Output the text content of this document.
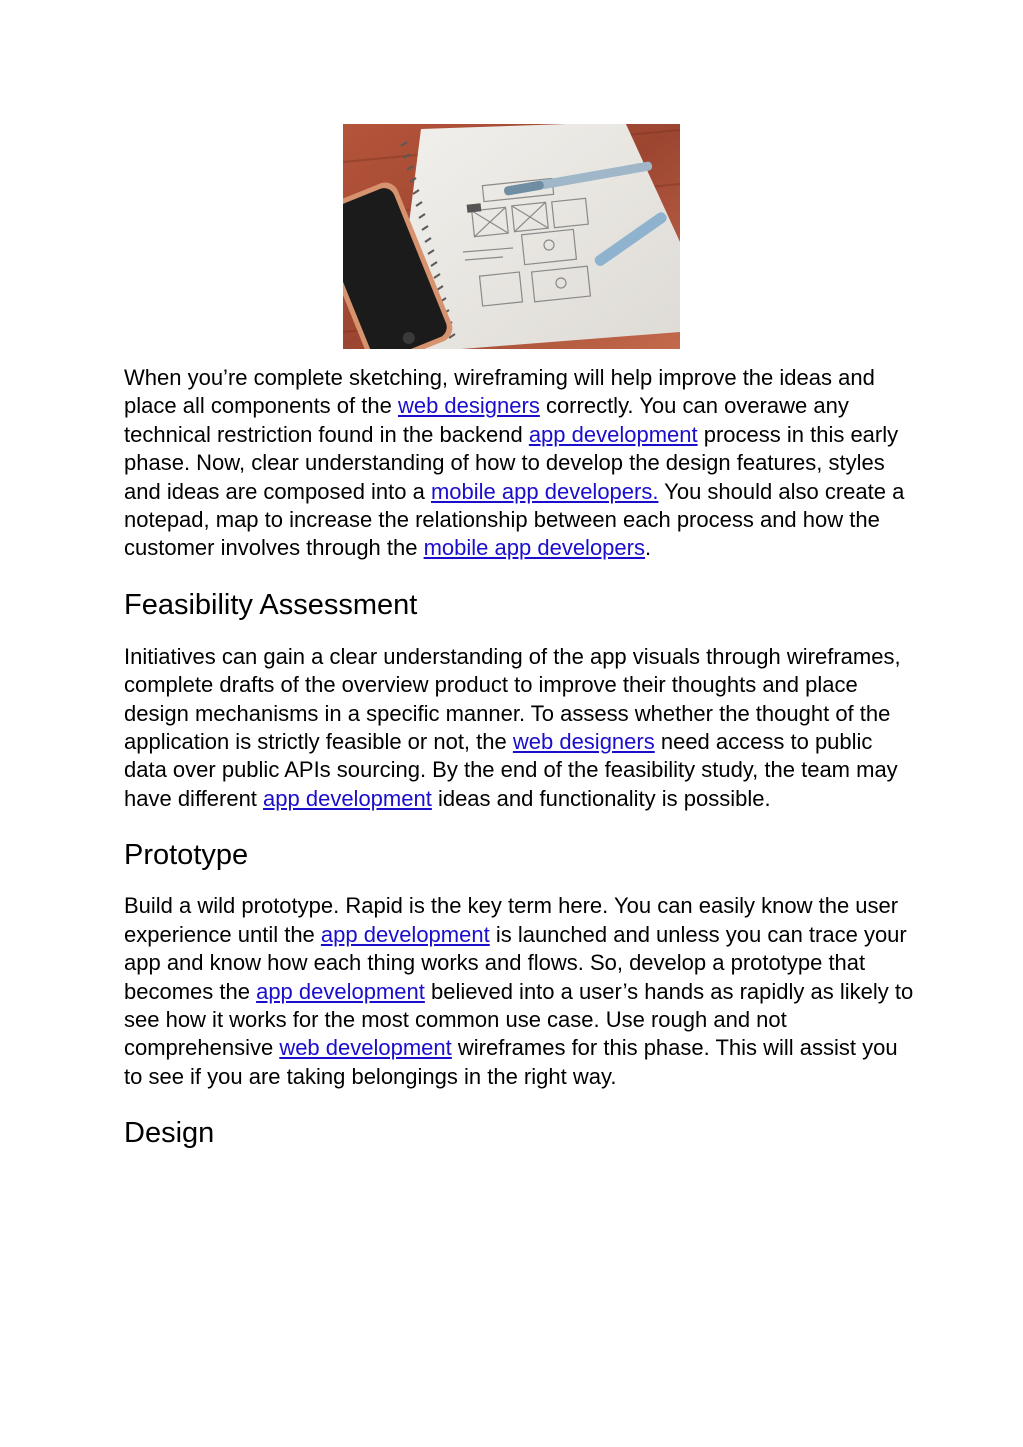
When you’re complete sketching, wireframing will help improve the ideas and place all components of the web designers correctly. You can overawe any technical restriction found in the backend app development process in this early phase. Now, clear understanding of how to develop the design features, styles and ideas are composed into a mobile app developers. You should also create a notepad, map to increase the relationship between each process and how the customer involves through the mobile app developers.

Feasibility Assessment

Initiatives can gain a clear understanding of the app visuals through wireframes, complete drafts of the overview product to improve their thoughts and place design mechanisms in a specific manner. To assess whether the thought of the application is strictly feasible or not, the web designers need access to public data over public APIs sourcing. By the end of the feasibility study, the team may have different app development ideas and functionality is possible.

Prototype

Build a wild prototype. Rapid is the key term here. You can easily know the user experience until the app development is launched and unless you can trace your app and know how each thing works and flows. So, develop a prototype that becomes the app development believed into a user’s hands as rapidly as likely to see how it works for the most common use case. Use rough and not comprehensive web development wireframes for this phase. This will assist you to see if you are taking belongings in the right way.

Design
